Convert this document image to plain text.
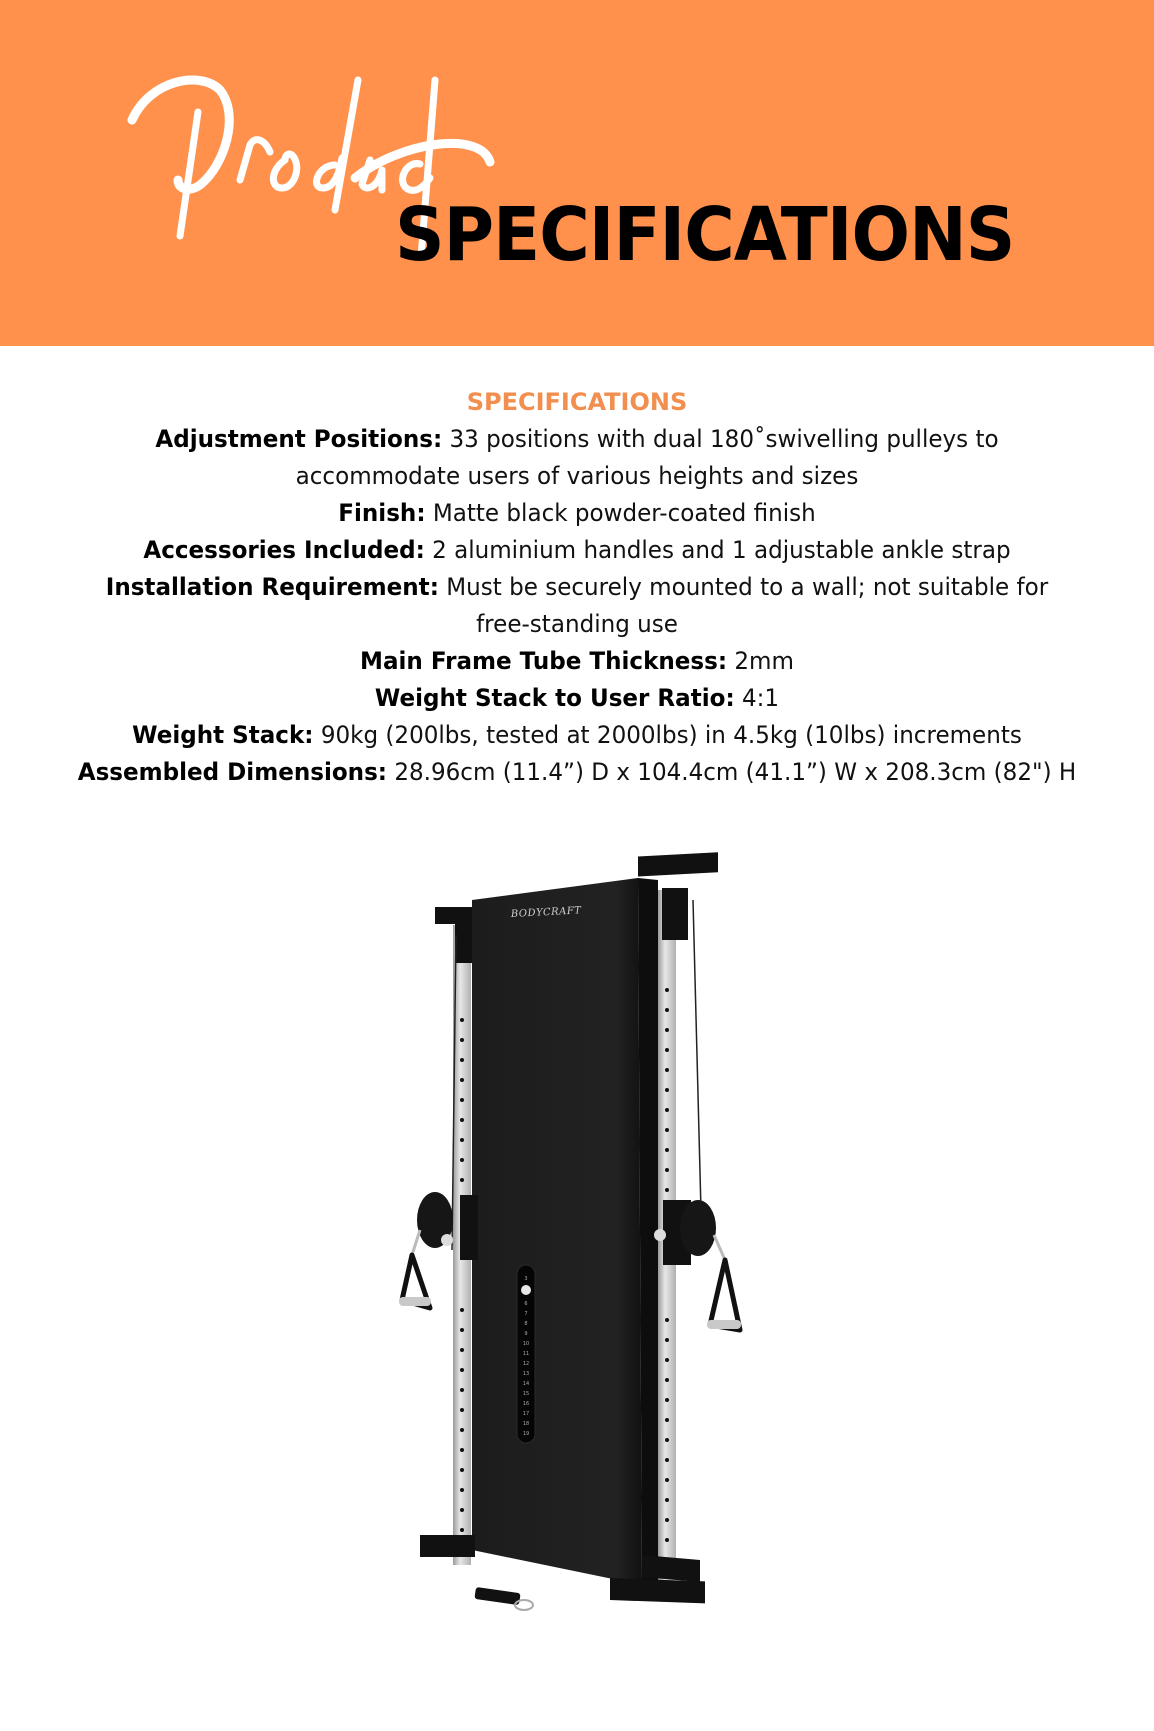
Product
SPECIFICATIONS
SPECIFICATIONS
Adjustment Positions: 33 positions with dual 180˚swivelling pulleys to
accommodate users of various heights and sizes
Finish: Matte black powder-coated finish
Accessories Included: 2 aluminium handles and 1 adjustable ankle strap
Installation Requirement: Must be securely mounted to a wall; not suitable for
free-standing use
Main Frame Tube Thickness: 2mm
Weight Stack to User Ratio: 4:1
Weight Stack: 90kg (200lbs, tested at 2000lbs) in 4.5kg (10lbs) increments
Assembled Dimensions: 28.96cm (11.4”) D x 104.4cm (41.1”) W x 208.3cm (82") H
BODYCRAFT
3
6
7
8
9
10
11
12
13
14
15
16
17
18
19
